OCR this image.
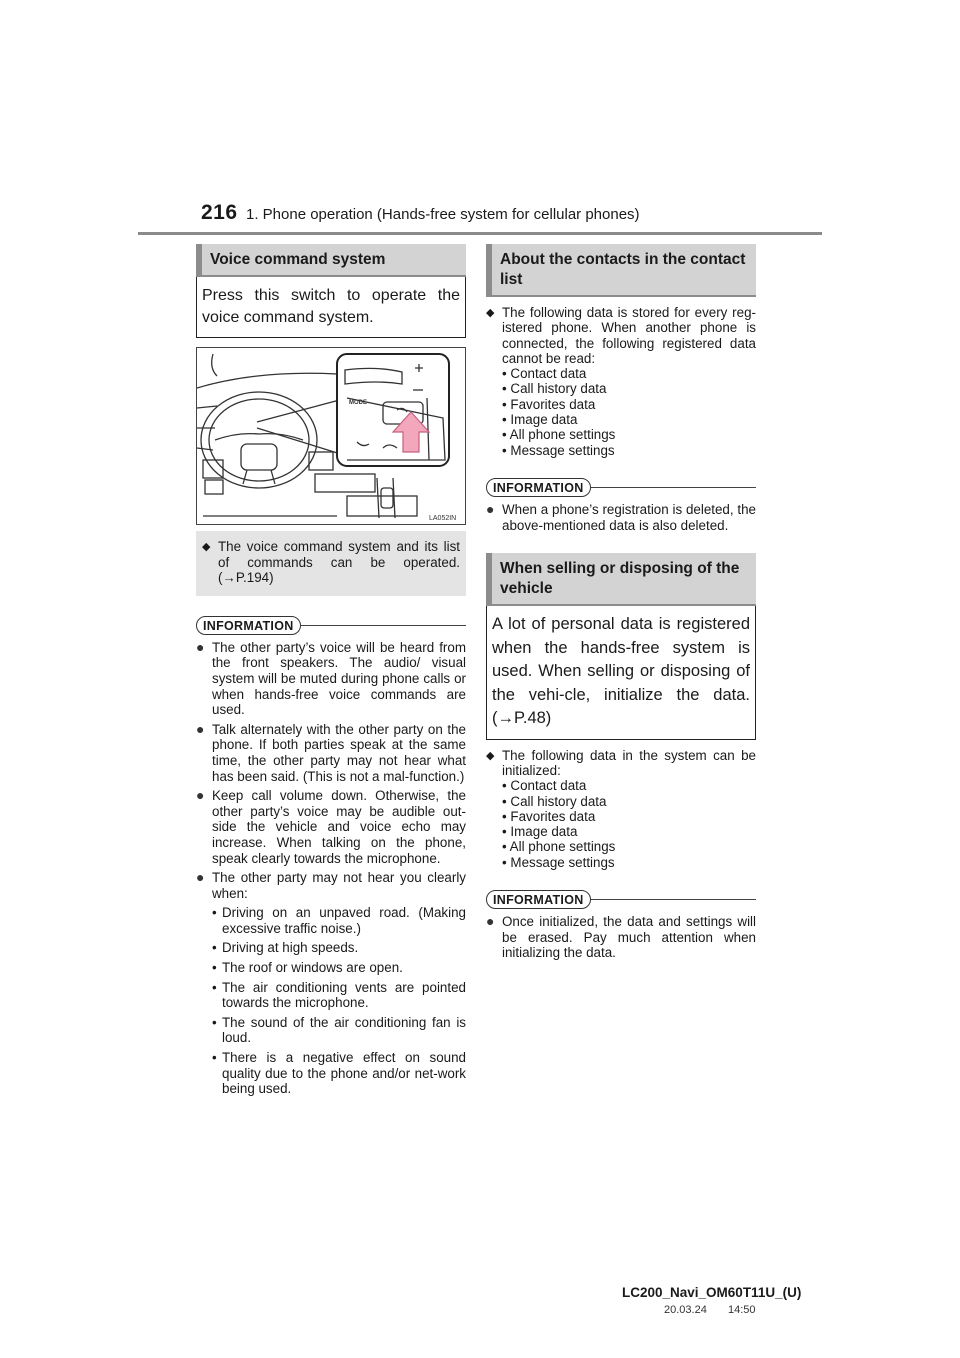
216 1. Phone operation (Hands-free system for cellular phones)
Voice command system
Press this switch to operate the voice command system.
MODE
LA052IN
◆ The voice command system and its list of commands can be operated. (→P.194)
INFORMATION
● The other party’s voice will be heard from the front speakers. The audio/ visual system will be muted during phone calls or when hands-free voice commands are used.
● Talk alternately with the other party on the phone. If both parties speak at the same time, the other party may not hear what has been said. (This is not a mal-function.)
● Keep call volume down. Otherwise, the other party’s voice may be audible out-side the vehicle and voice echo may increase. When talking on the phone, speak clearly towards the microphone.
● The other party may not hear you clearly when:
• Driving on an unpaved road. (Making excessive traffic noise.)
• Driving at high speeds.
• The roof or windows are open.
• The air conditioning vents are pointed towards the microphone.
• The sound of the air conditioning fan is loud.
• There is a negative effect on sound quality due to the phone and/or net-work being used.
About the contacts in the contact list
◆ The following data is stored for every reg-istered phone. When another phone is connected, the following registered data cannot be read:
• Contact data
• Call history data
• Favorites data
• Image data
• All phone settings
• Message settings
INFORMATION
● When a phone’s registration is deleted, the above-mentioned data is also deleted.
When selling or disposing of the vehicle
A lot of personal data is registered when the hands-free system is used. When selling or disposing of the vehi-cle, initialize the data. (→P.48)
◆ The following data in the system can be initialized:
• Contact data
• Call history data
• Favorites data
• Image data
• All phone settings
• Message settings
INFORMATION
● Once initialized, the data and settings will be erased. Pay much attention when initializing the data.
LC200_Navi_OM60T11U_(U)
20.03.24 14:50
